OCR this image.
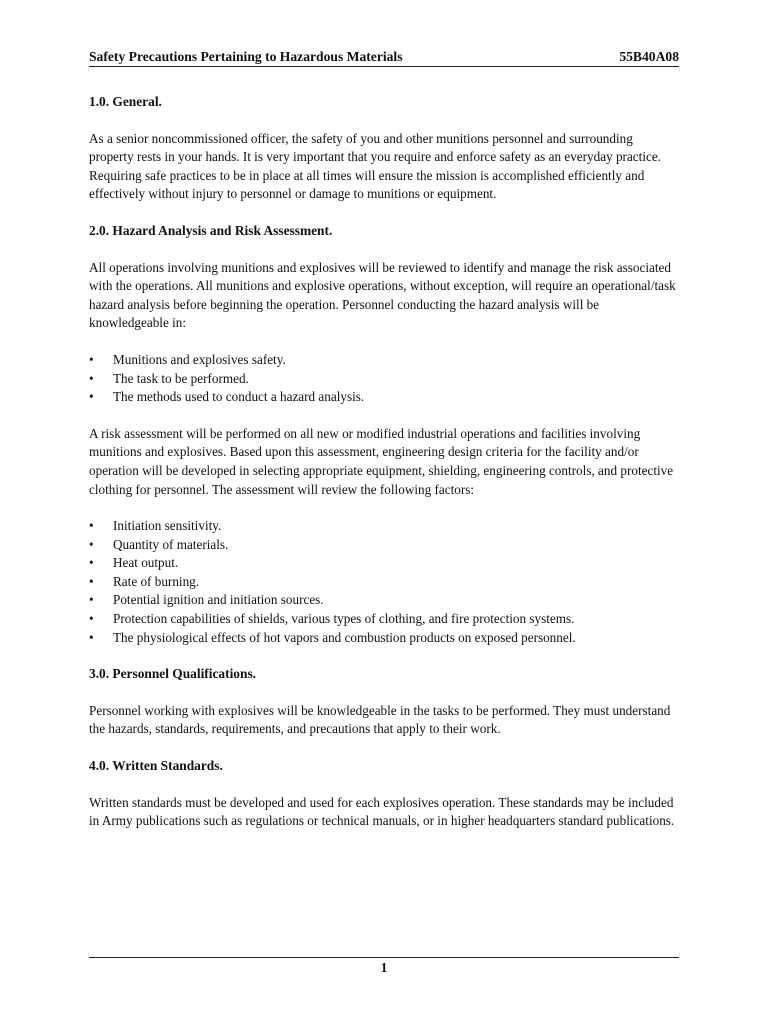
Safety Precautions Pertaining to Hazardous Materials	55B40A08
1.0. General.

As a senior noncommissioned officer, the safety of you and other munitions personnel and surrounding property rests in your hands. It is very important that you require and enforce safety as an everyday practice. Requiring safe practices to be in place at all times will ensure the mission is accomplished efficiently and effectively without injury to personnel or damage to munitions or equipment.

2.0. Hazard Analysis and Risk Assessment.

All operations involving munitions and explosives will be reviewed to identify and manage the risk associated with the operations. All munitions and explosive operations, without exception, will require an operational/task hazard analysis before beginning the operation. Personnel conducting the hazard analysis will be knowledgeable in:

•	Munitions and explosives safety.
•	The task to be performed.
•	The methods used to conduct a hazard analysis.

A risk assessment will be performed on all new or modified industrial operations and facilities involving munitions and explosives. Based upon this assessment, engineering design criteria for the facility and/or operation will be developed in selecting appropriate equipment, shielding, engineering controls, and protective clothing for personnel. The assessment will review the following factors:

•	Initiation sensitivity.
•	Quantity of materials.
•	Heat output.
•	Rate of burning.
•	Potential ignition and initiation sources.
•	Protection capabilities of shields, various types of clothing, and fire protection systems.
•	The physiological effects of hot vapors and combustion products on exposed personnel.
3.0. Personnel Qualifications.

Personnel working with explosives will be knowledgeable in the tasks to be performed. They must understand the hazards, standards, requirements, and precautions that apply to their work.

4.0. Written Standards.

Written standards must be developed and used for each explosives operation. These standards may be included in Army publications such as regulations or technical manuals, or in higher headquarters standard publications.

1
